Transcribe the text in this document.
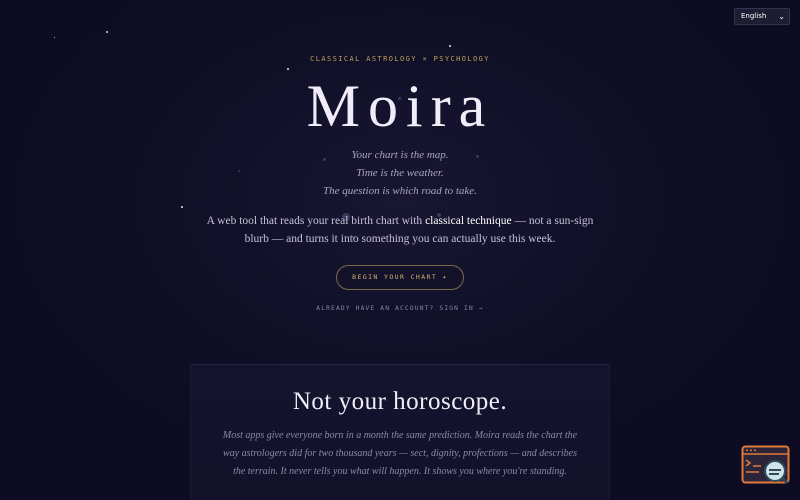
English ⌄
CLASSICAL ASTROLOGY × PSYCHOLOGY
Moira
Your chart is the map.
Time is the weather.
The question is which road to take.
A web tool that reads your real birth chart with classical technique — not a sun-sign blurb — and turns it into something you can actually use this week.
BEGIN YOUR CHART ✦
ALREADY HAVE AN ACCOUNT? SIGN IN →
Not your horoscope.

Most apps give everyone born in a month the same prediction. Moira reads the chart the way astrologers did for two thousand years — sect, dignity, profections — and describes the terrain. It never tells you what will happen. It shows you where you're standing.
